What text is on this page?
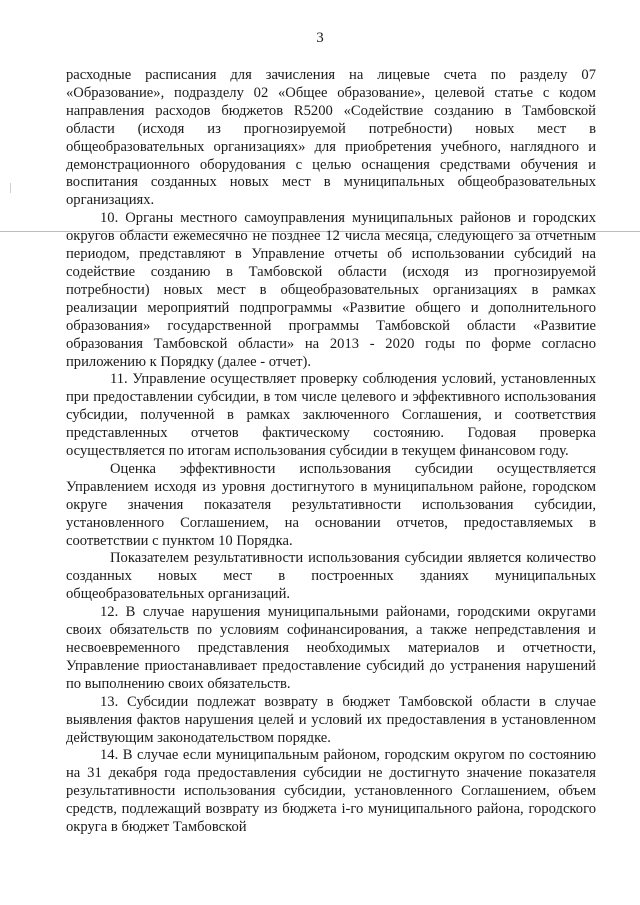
3

расходные расписания для зачисления на лицевые счета по разделу 07 «Образование», подразделу 02 «Общее образование», целевой статье с кодом направления расходов бюджетов R5200 «Содействие созданию в Тамбовской области (исходя из прогнозируемой потребности) новых мест в общеобразовательных организациях» для приобретения учебного, наглядного и демонстрационного оборудования с целью оснащения средствами обучения и воспитания созданных новых мест в муниципальных общеобразовательных организациях.

10. Органы местного самоуправления муниципальных районов и городских округов области ежемесячно не позднее 12 числа месяца, следующего за отчетным периодом, представляют в Управление отчеты об использовании субсидий на содействие созданию в Тамбовской области (исходя из прогнозируемой потребности) новых мест в общеобразовательных организациях в рамках реализации мероприятий подпрограммы «Развитие общего и дополнительного образования» государственной программы Тамбовской области «Развитие образования Тамбовской области» на 2013 - 2020 годы по форме согласно приложению к Порядку (далее - отчет).

11. Управление осуществляет проверку соблюдения условий, установленных при предоставлении субсидии, в том числе целевого и эффективного использования субсидии, полученной в рамках заключенного Соглашения, и соответствия представленных отчетов фактическому состоянию. Годовая проверка осуществляется по итогам использования субсидии в текущем финансовом году.

Оценка эффективности использования субсидии осуществляется Управлением исходя из уровня достигнутого в муниципальном районе, городском округе значения показателя результативности использования субсидии, установленного Соглашением, на основании отчетов, предоставляемых в соответствии с пунктом 10 Порядка.

Показателем результативности использования субсидии является количество созданных новых мест в построенных зданиях муниципальных общеобразовательных организаций.

12. В случае нарушения муниципальными районами, городскими округами своих обязательств по условиям софинансирования, а также непредставления и несвоевременного представления необходимых материалов и отчетности, Управление приостанавливает предоставление субсидий до устранения нарушений по выполнению своих обязательств.

13. Субсидии подлежат возврату в бюджет Тамбовской области в случае выявления фактов нарушения целей и условий их предоставления в установленном действующим законодательством порядке.

14. В случае если муниципальным районом, городским округом по состоянию на 31 декабря года предоставления субсидии не достигнуто значение показателя результативности использования субсидии, установленного Соглашением, объем средств, подлежащий возврату из бюджета i-го муниципального района, городского округа в бюджет Тамбовской
